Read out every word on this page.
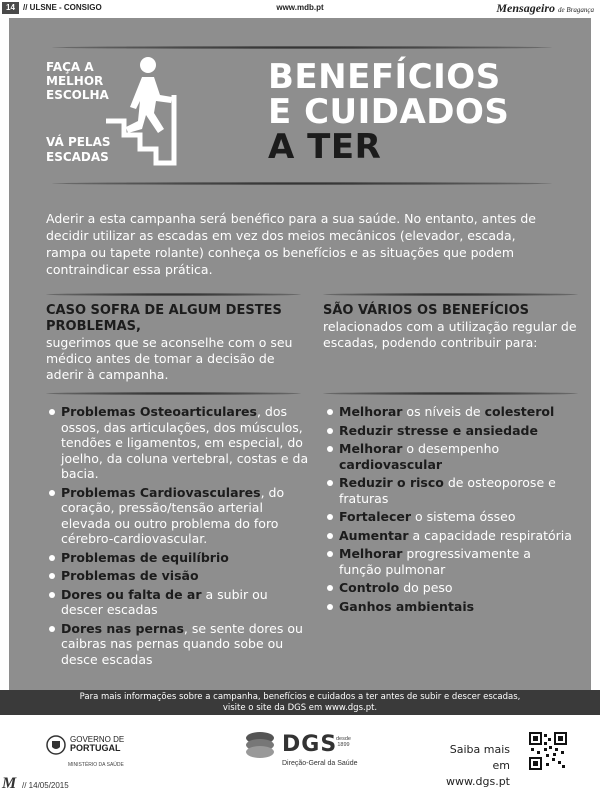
14	// ULSNE - CONSIGO	www.mdb.pt	Mensageiro de Bragança
FAÇA A
MELHOR
ESCOLHA
VÁ PELAS
ESCADAS
BENEFÍCIOS
E CUIDADOS
A TER

Aderir a esta campanha será benéfico para a sua saúde. No entanto, antes de decidir utilizar as escadas em vez dos meios mecânicos (elevador, escada, rampa ou tapete rolante) conheça os benefícios e as situações que podem contraindicar essa prática.

CASO SOFRA DE ALGUM DESTES PROBLEMAS,
sugerimos que se aconselhe com o seu médico antes de tomar a decisão de aderir à campanha.
SÃO VÁRIOS OS BENEFÍCIOS
relacionados com a utilização regular de escadas, podendo contribuir para:
Problemas Osteoarticulares, dos ossos, das articulações, dos músculos, tendões e ligamentos, em especial, do joelho, da coluna vertebral, costas e da bacia.
Problemas Cardiovasculares, do coração, pressão/tensão arterial elevada ou outro problema do foro cérebro-cardiovascular.
Problemas de equilíbrio
Problemas de visão
Dores ou falta de ar a subir ou descer escadas
Dores nas pernas, se sente dores ou caibras nas pernas quando sobe ou desce escadas
Melhorar os níveis de colesterol
Reduzir stresse e ansiedade
Melhorar o desempenho cardiovascular
Reduzir o risco de osteoporose e fraturas
Fortalecer o sistema ósseo
Aumentar a capacidade respiratória
Melhorar progressivamente a função pulmonar
Controlo do peso
Ganhos ambientais
Para mais informações sobre a campanha, benefícios e cuidados a ter antes de subir e descer escadas,
visite o site da DGS em www.dgs.pt.
GOVERNO DE
PORTUGAL
MINISTÉRIO DA SAÚDE
DGS
desde
1899
Direção-Geral da Saúde
Saiba mais em
www.dgs.pt
M // 14/05/2015
